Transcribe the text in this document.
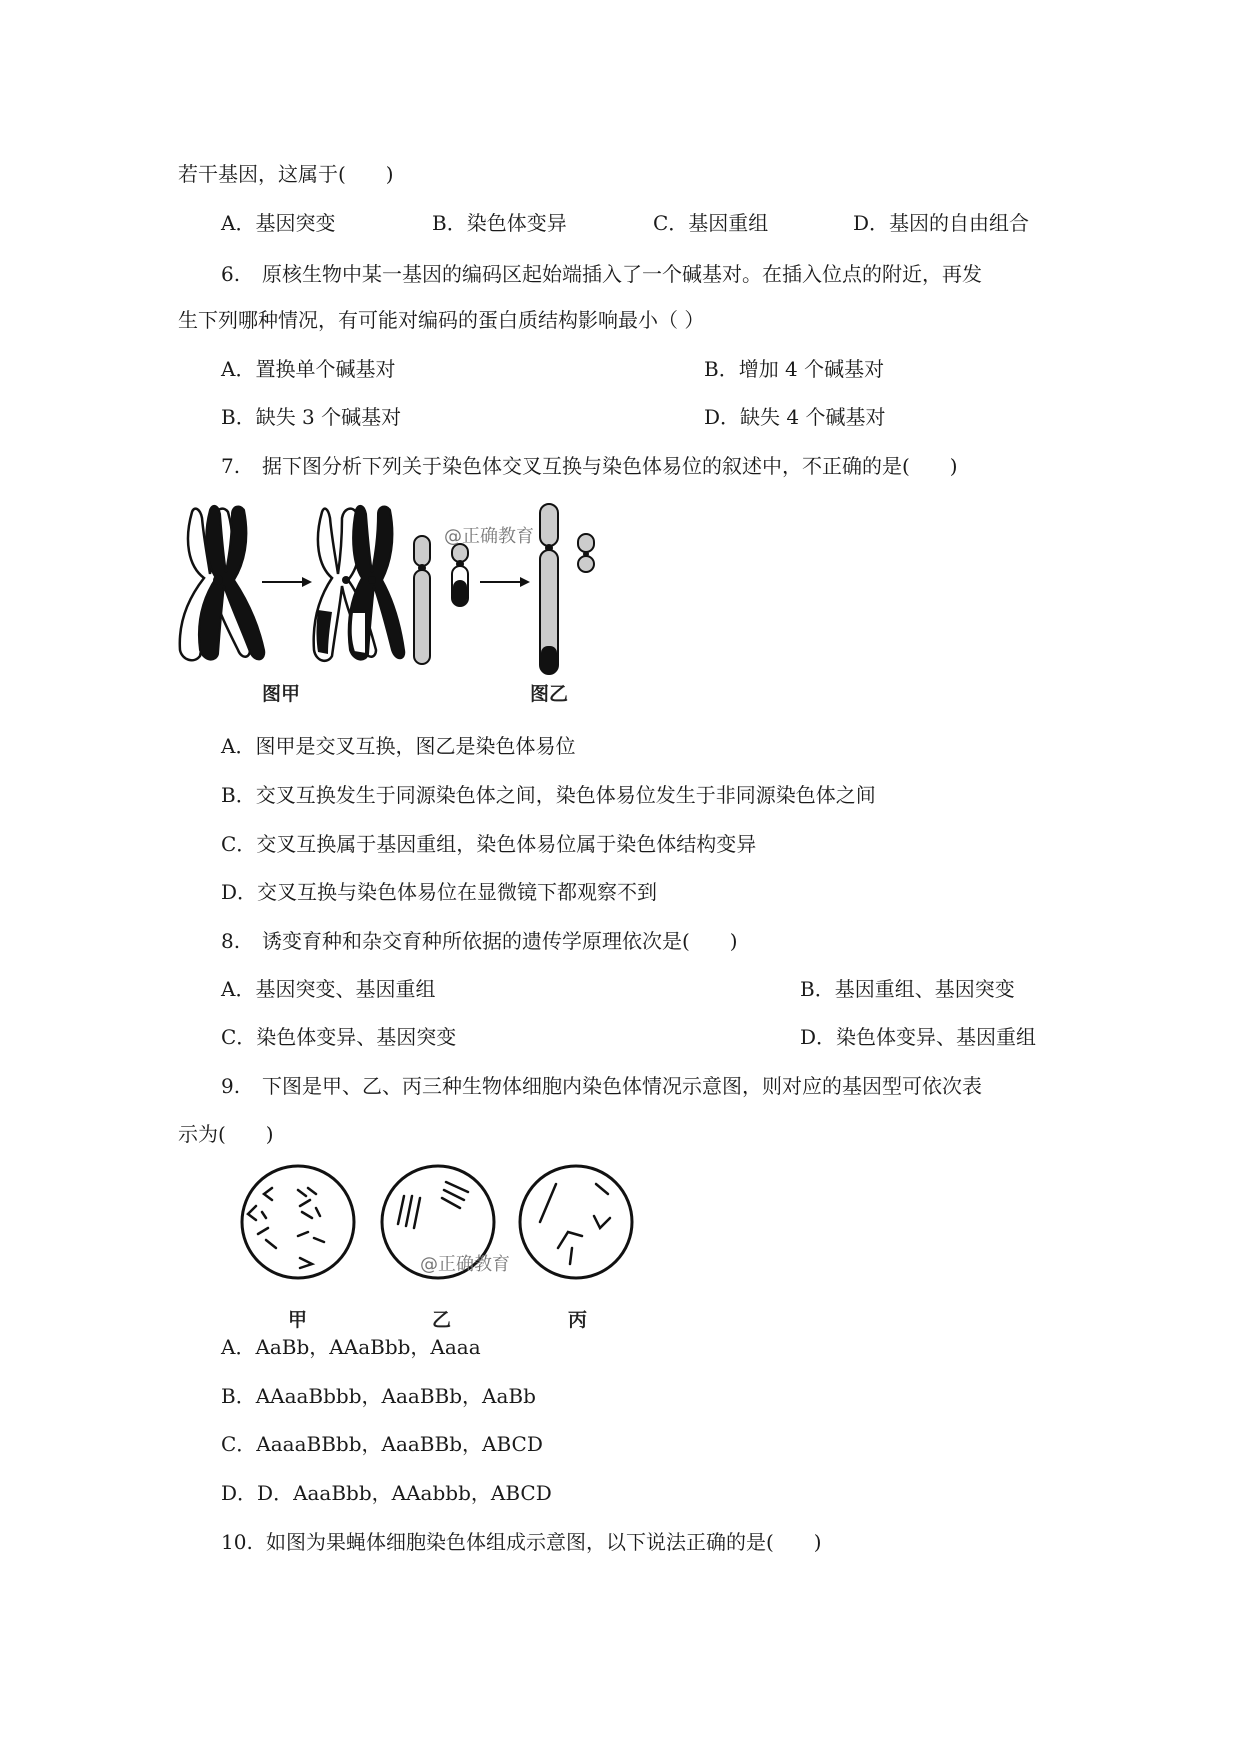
若干基因，这属于(　　)
A．基因突变	B．染色体变异	C．基因重组	D．基因的自由组合
6. 原核生物中某一基因的编码区起始端插入了一个碱基对。在插入位点的附近，再发
生下列哪种情况，有可能对编码的蛋白质结构影响最小（ ）
A．置换单个碱基对	B．增加 4 个碱基对
B．缺失 3 个碱基对	D．缺失 4 个碱基对
7. 据下图分析下列关于染色体交叉互换与染色体易位的叙述中，不正确的是(　　)
@正确教育
图甲	图乙
A．图甲是交叉互换，图乙是染色体易位
B．交叉互换发生于同源染色体之间，染色体易位发生于非同源染色体之间
C．交叉互换属于基因重组，染色体易位属于染色体结构变异
D．交叉互换与染色体易位在显微镜下都观察不到
8. 诱变育种和杂交育种所依据的遗传学原理依次是(　　)
A．基因突变、基因重组	B．基因重组、基因突变
C．染色体变异、基因突变	D．染色体变异、基因重组
9. 下图是甲、乙、丙三种生物体细胞内染色体情况示意图，则对应的基因型可依次表
示为(　　)
@正确教育
甲	乙	丙
A．AaBb，AAaBbb，Aaaa
B．AAaaBbbb，AaaBBb，AaBb
C．AaaaBBbb，AaaBBb，ABCD
D．D．AaaBbb，AAabbb，ABCD
10. 如图为果蝇体细胞染色体组成示意图，以下说法正确的是(　　)
